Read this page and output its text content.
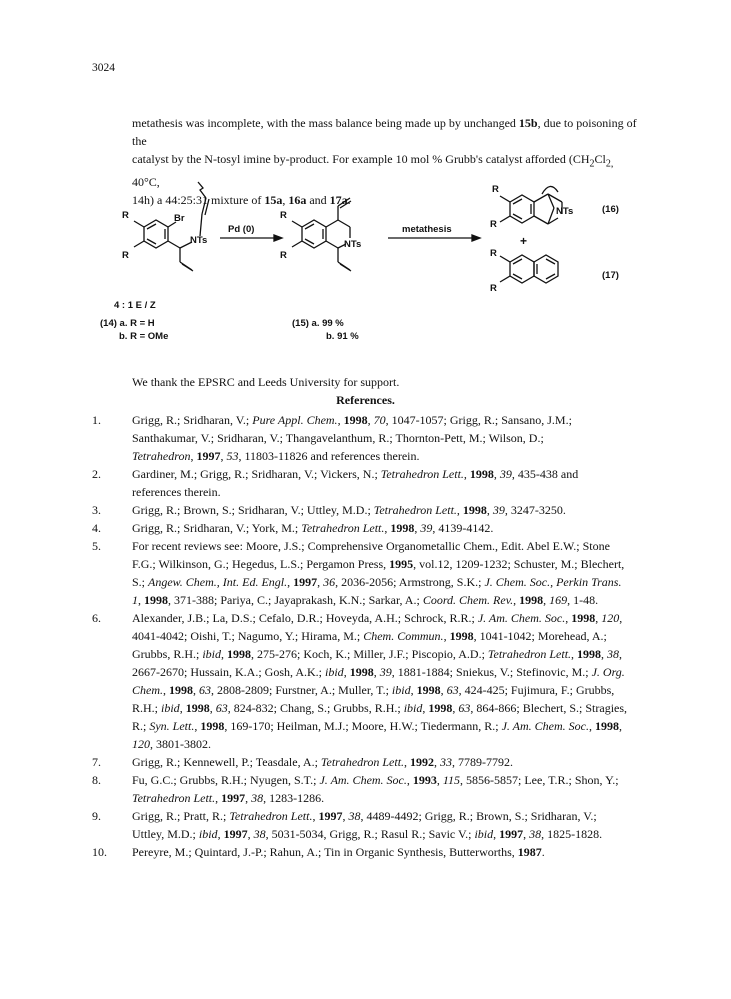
3024
metathesis was incomplete, with the mass balance being made up by unchanged 15b, due to poisoning of the
catalyst by the N-tosyl imine by-product. For example 10 mol % Grubb's catalyst afforded ($CH_2Cl_{2,}$ 40°C,
14h) a 44:25:31 mixture of 15a, 16a and 17a.
R
R
Br
NTs
Pd (0)
R
R
NTs
metathesis
R
R
NTs	(16)
+
R
R
(17)
4 : 1 E / Z
(14) a. R = H
b. R = OMe
(15) a. 99 %
b. 91 %
We thank the EPSRC and Leeds University for support.
References.
1.	Grigg, R.; Sridharan, V.; Pure Appl. Chem., 1998, 70, 1047-1057; Grigg, R.; Sansano, J.M.;
Santhakumar, V.; Sridharan, V.; Thangavelanthum, R.; Thornton-Pett, M.; Wilson, D.;
Tetrahedron, 1997, 53, 11803-11826 and references therein.
2.	Gardiner, M.; Grigg, R.; Sridharan, V.; Vickers, N.; Tetrahedron Lett., 1998, 39, 435-438 and
references therein.
3.	Grigg, R.; Brown, S.; Sridharan, V.; Uttley, M.D.; Tetrahedron Lett., 1998, 39, 3247-3250.
4.	Grigg, R.; Sridharan, V.; York, M.; Tetrahedron Lett., 1998, 39, 4139-4142.
5.	For recent reviews see: Moore, J.S.; Comprehensive Organometallic Chem., Edit. Abel E.W.; Stone
F.G.; Wilkinson, G.; Hegedus, L.S.; Pergamon Press, 1995, vol.12, 1209-1232; Schuster, M.; Blechert,
S.; Angew. Chem., Int. Ed. Engl., 1997, 36, 2036-2056; Armstrong, S.K.; J. Chem. Soc., Perkin Trans.
1, 1998, 371-388; Pariya, C.; Jayaprakash, K.N.; Sarkar, A.; Coord. Chem. Rev., 1998, 169, 1-48.
6.	Alexander, J.B.; La, D.S.; Cefalo, D.R.; Hoveyda, A.H.; Schrock, R.R.; J. Am. Chem. Soc., 1998, 120,
4041-4042; Oishi, T.; Nagumo, Y.; Hirama, M.; Chem. Commun., 1998, 1041-1042; Morehead, A.;
Grubbs, R.H.; ibid, 1998, 275-276; Koch, K.; Miller, J.F.; Piscopio, A.D.; Tetrahedron Lett., 1998, 38,
2667-2670; Hussain, K.A.; Gosh, A.K.; ibid, 1998, 39, 1881-1884; Sniekus, V.; Stefinovic, M.; J. Org.
Chem., 1998, 63, 2808-2809; Furstner, A.; Muller, T.; ibid, 1998, 63, 424-425; Fujimura, F.; Grubbs,
R.H.; ibid, 1998, 63, 824-832; Chang, S.; Grubbs, R.H.; ibid, 1998, 63, 864-866; Blechert, S.; Stragies,
R.; Syn. Lett., 1998, 169-170; Heilman, M.J.; Moore, H.W.; Tiedermann, R.; J. Am. Chem. Soc., 1998,
120, 3801-3802.
7.	Grigg, R.; Kennewell, P.; Teasdale, A.; Tetrahedron Lett., 1992, 33, 7789-7792.
8.	Fu, G.C.; Grubbs, R.H.; Nyugen, S.T.; J. Am. Chem. Soc., 1993, 115, 5856-5857; Lee, T.R.; Shon, Y.;
Tetrahedron Lett., 1997, 38, 1283-1286.
9.	Grigg, R.; Pratt, R.; Tetrahedron Lett., 1997, 38, 4489-4492; Grigg, R.; Brown, S.; Sridharan, V.;
Uttley, M.D.; ibid, 1997, 38, 5031-5034, Grigg, R.; Rasul R.; Savic V.; ibid, 1997, 38, 1825-1828.
10.	Pereyre, M.; Quintard, J.-P.; Rahun, A.; Tin in Organic Synthesis, Butterworths, 1987.
